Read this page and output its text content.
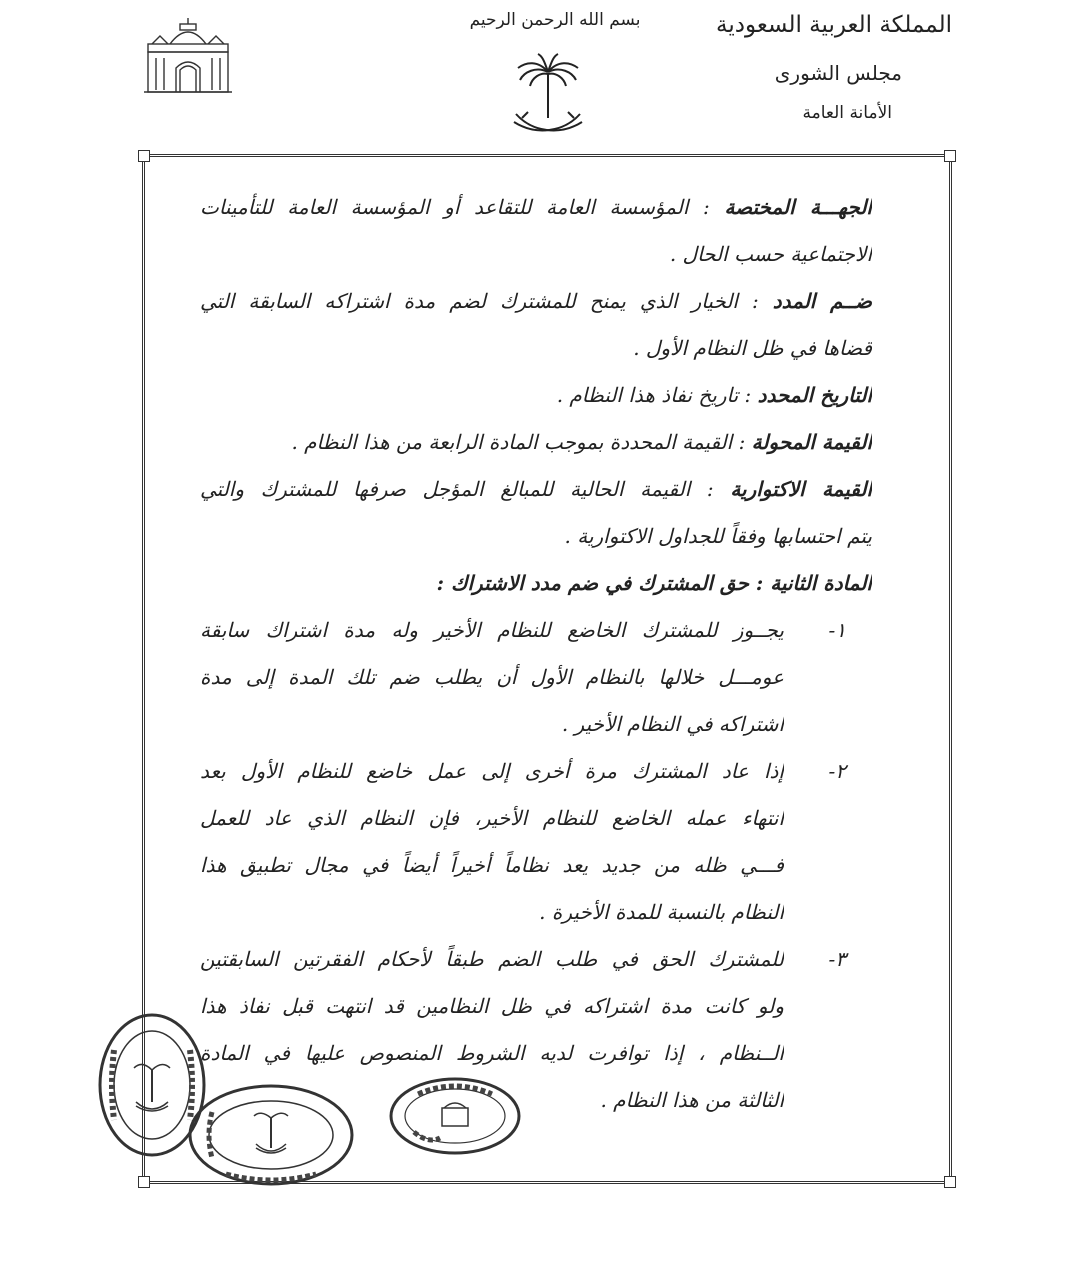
المملكة العربية السعودية
مجلس الشورى
الأمانة العامة
بسم الله الرحمن الرحيم
الجهـــة المختصة : المؤسسة العامة للتقاعد أو المؤسسة العامة للتأمينات
الاجتماعية حسب الحال .
ضــم المدد : الخيار الذي يمنح للمشترك لضم مدة اشتراكه السابقة التي
قضاها في ظل النظام الأول .
التاريخ المحدد : تاريخ نفاذ هذا النظام .
القيمة المحولة : القيمة المحددة بموجب المادة الرابعة من هذا النظام .
القيمة الاكتوارية : القيمة الحالية للمبالغ المؤجل صرفها للمشترك والتي
يتم احتسابها وفقاً للجداول الاكتوارية .
المادة الثانية : حق المشترك في ضم مدد الاشتراك :
١-
يجــوز للمشترك الخاضع للنظام الأخير وله مدة اشتراك سابقة
عومـــل خلالها بالنظام الأول أن يطلب ضم تلك المدة إلى مدة
اشتراكه في النظام الأخير .
٢-
إذا عاد المشترك مرة أخرى إلى عمل خاضع للنظام الأول بعد
انتهاء عمله الخاضع للنظام الأخير، فإن النظام الذي عاد للعمل
فـــي ظله من جديد يعد نظاماً أخيراً أيضاً في مجال تطبيق هذا
النظام بالنسبة للمدة الأخيرة .
٣-
للمشترك الحق في طلب الضم طبقاً لأحكام الفقرتين السابقتين
ولو كانت مدة اشتراكه في ظل النظامين قد انتهت قبل نفاذ هذا
الــنظام ، إذا توافرت لديه الشروط المنصوص عليها في المادة
الثالثة من هذا النظام .
